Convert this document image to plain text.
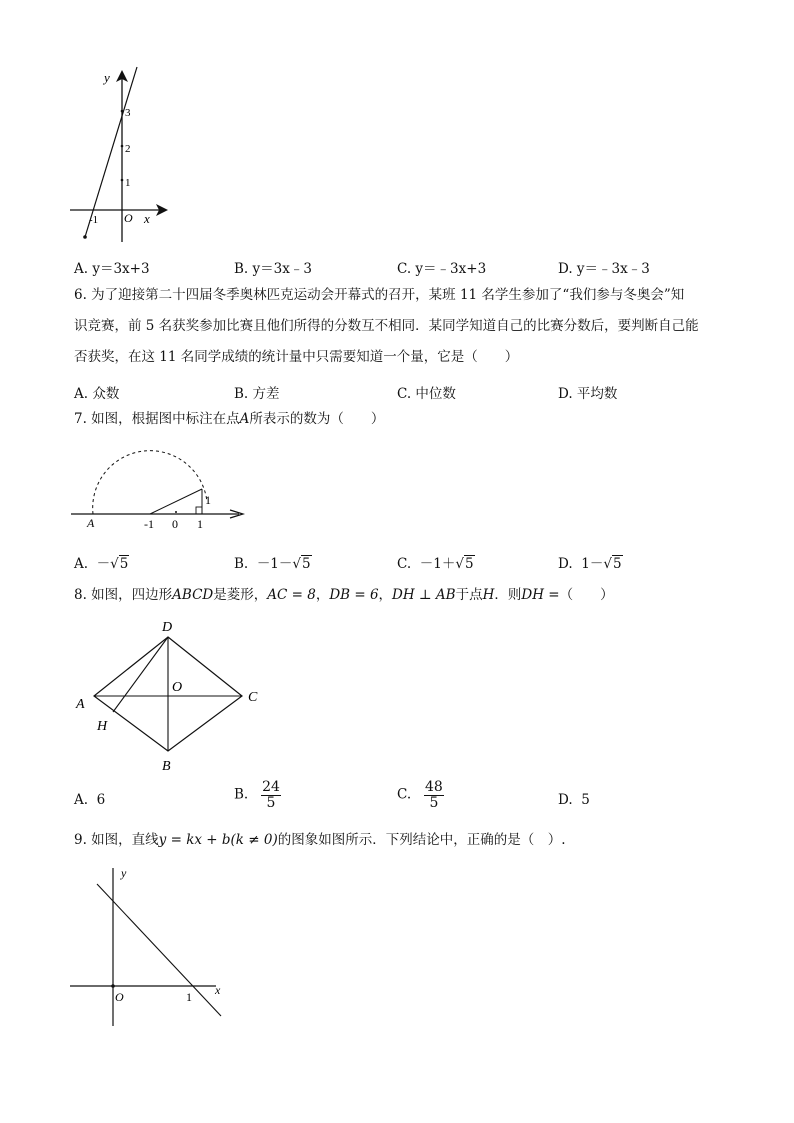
y
3
2
1
-1 O x
A. y＝3x+3	B. y＝3x﹣3	C. y＝﹣3x+3	D. y＝﹣3x﹣3
6. 为了迎接第二十四届冬季奥林匹克运动会开幕式的召开，某班 11 名学生参加了“我们参与冬奥会”知
识竞赛，前 5 名获奖参加比赛且他们所得的分数互不相同．某同学知道自己的比赛分数后，要判断自己能
否获奖，在这 11 名同学成绩的统计量中只需要知道一个量，它是（　　）
A. 众数	B. 方差	C. 中位数	D. 平均数
7. 如图，根据图中标注在点A所表示的数为（　　）
A	-1 0 1
1
A. －√5	B. －1－√5	C. －1＋√5	D. 1－√5
8. 如图，四边形ABCD是菱形，AC = 8，DB = 6，DH ⊥ AB于点H．则DH =（　　）
D
A
O
C
H
B
A. 6	B. $\frac{24}{5}$	C. $\frac{48}{5}$	D. 5
9. 如图，直线y = kx + b(k ≠ 0)的图象如图所示．下列结论中，正确的是（　）.
y
x
O	1
